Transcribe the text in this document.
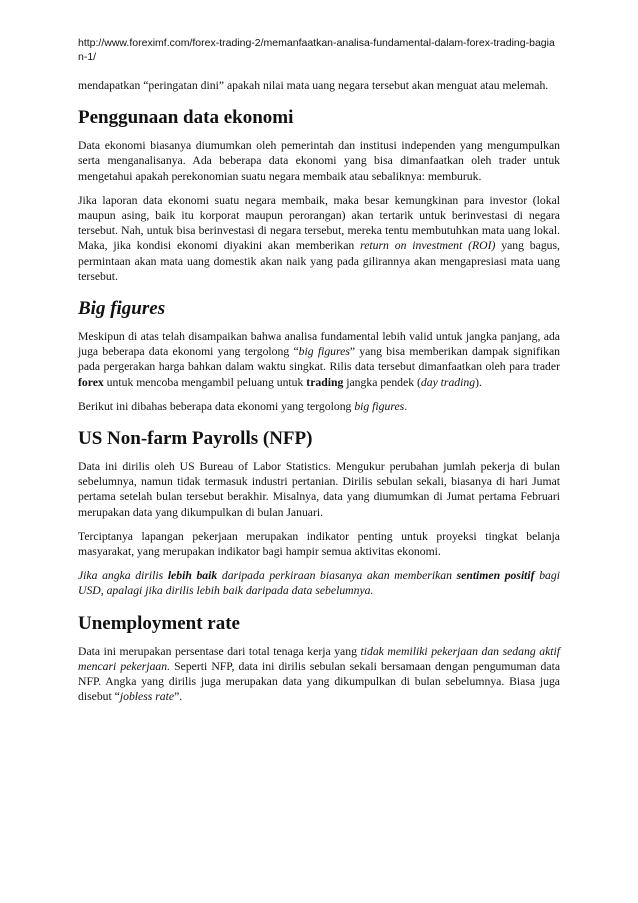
http://www.foreximf.com/forex-trading-2/memanfaatkan-analisa-fundamental-dalam-forex-trading-bagian-1/

mendapatkan “peringatan dini” apakah nilai mata uang negara tersebut akan menguat atau melemah.

Penggunaan data ekonomi

Data ekonomi biasanya diumumkan oleh pemerintah dan institusi independen yang mengumpulkan serta menganalisanya. Ada beberapa data ekonomi yang bisa dimanfaatkan oleh trader untuk mengetahui apakah perekonomian suatu negara membaik atau sebaliknya: memburuk.

Jika laporan data ekonomi suatu negara membaik, maka besar kemungkinan para investor (lokal maupun asing, baik itu korporat maupun perorangan) akan tertarik untuk berinvestasi di negara tersebut. Nah, untuk bisa berinvestasi di negara tersebut, mereka tentu membutuhkan mata uang lokal. Maka, jika kondisi ekonomi diyakini akan memberikan return on investment (ROI) yang bagus, permintaan akan mata uang domestik akan naik yang pada gilirannya akan mengapresiasi mata uang tersebut.

Big figures

Meskipun di atas telah disampaikan bahwa analisa fundamental lebih valid untuk jangka panjang, ada juga beberapa data ekonomi yang tergolong “big figures” yang bisa memberikan dampak signifikan pada pergerakan harga bahkan dalam waktu singkat. Rilis data tersebut dimanfaatkan oleh para trader forex untuk mencoba mengambil peluang untuk trading jangka pendek (day trading).

Berikut ini dibahas beberapa data ekonomi yang tergolong big figures.

US Non-farm Payrolls (NFP)

Data ini dirilis oleh US Bureau of Labor Statistics. Mengukur perubahan jumlah pekerja di bulan sebelumnya, namun tidak termasuk industri pertanian. Dirilis sebulan sekali, biasanya di hari Jumat pertama setelah bulan tersebut berakhir. Misalnya, data yang diumumkan di Jumat pertama Februari merupakan data yang dikumpulkan di bulan Januari.

Terciptanya lapangan pekerjaan merupakan indikator penting untuk proyeksi tingkat belanja masyarakat, yang merupakan indikator bagi hampir semua aktivitas ekonomi.

Jika angka dirilis lebih baik daripada perkiraan biasanya akan memberikan sentimen positif bagi USD, apalagi jika dirilis lebih baik daripada data sebelumnya.

Unemployment rate

Data ini merupakan persentase dari total tenaga kerja yang tidak memiliki pekerjaan dan sedang aktif mencari pekerjaan. Seperti NFP, data ini dirilis sebulan sekali bersamaan dengan pengumuman data NFP. Angka yang dirilis juga merupakan data yang dikumpulkan di bulan sebelumnya. Biasa juga disebut “jobless rate”.
